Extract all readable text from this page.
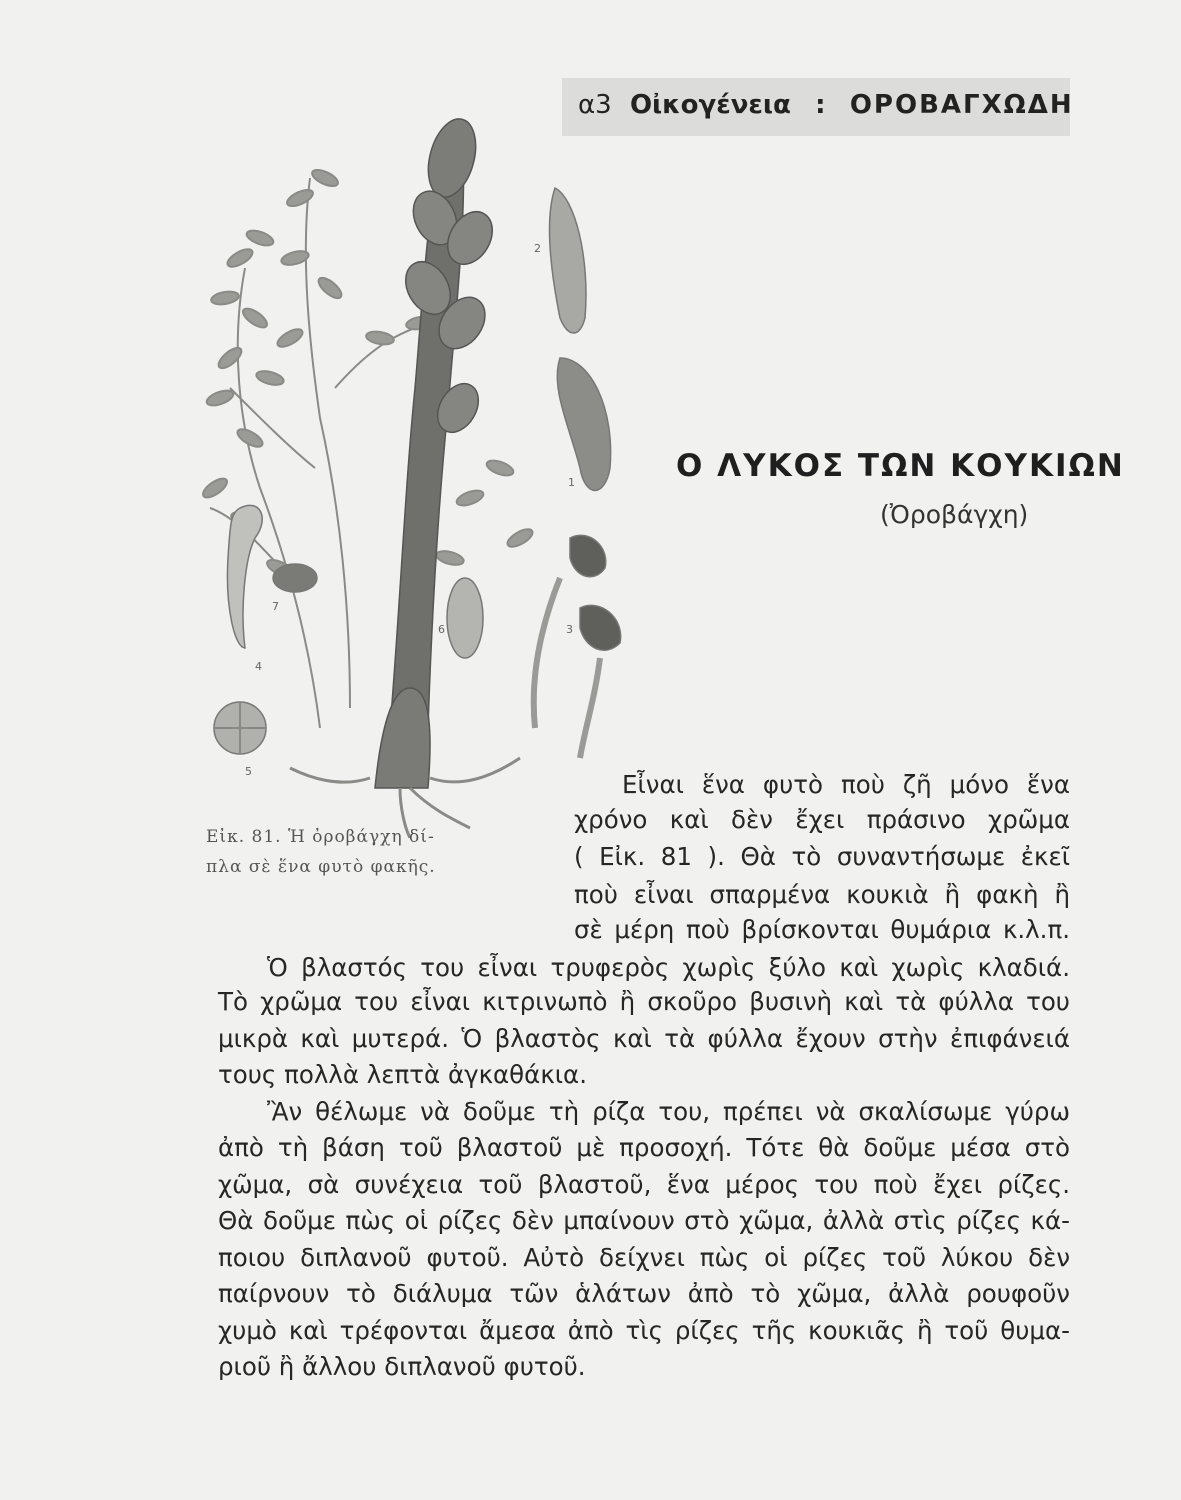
α3 Οἰκογένεια : ΟΡΟΒΑΓΧΩΔΗ
2
1
7
6
4
3
5
Ο ΛΥΚΟΣ ΤΩΝ ΚΟΥΚΙΩΝ
(Ὀροβάγχη)
Εἰκ. 81. Ἡ ὀροβάγχη δί-
πλα σὲ ἕνα φυτὸ φακῆς.
Εἶναι ἕνα φυτὸ ποὺ ζῆ μόνο ἕνα
χρόνο καὶ δὲν ἔχει πράσινο χρῶμα
( Εἰκ. 81 ). Θὰ τὸ συναντήσωμε ἐκεῖ
ποὺ εἶναι σπαρμένα κουκιὰ ἢ φακὴ ἢ
σὲ μέρη ποὺ βρίσκονται θυμάρια κ.λ.π.
Ὁ βλαστός του εἶναι τρυφερὸς χωρὶς ξύλο καὶ χωρὶς κλαδιά.
Τὸ χρῶμα του εἶναι κιτρινωπὸ ἢ σκοῦρο βυσινὴ καὶ τὰ φύλλα του
μικρὰ καὶ μυτερά. Ὁ βλαστὸς καὶ τὰ φύλλα ἔχουν στὴν ἐπιφάνειά
τους πολλὰ λεπτὰ ἀγκαθάκια.
Ἂν θέλωμε νὰ δοῦμε τὴ ρίζα του, πρέπει νὰ σκαλίσωμε γύρω
ἀπὸ τὴ βάση τοῦ βλαστοῦ μὲ προσοχή. Τότε θὰ δοῦμε μέσα στὸ
χῶμα, σὰ συνέχεια τοῦ βλαστοῦ, ἕνα μέρος του ποὺ ἔχει ρίζες.
Θὰ δοῦμε πὼς οἱ ρίζες δὲν μπαίνουν στὸ χῶμα, ἀλλὰ στὶς ρίζες κά-
ποιου διπλανοῦ φυτοῦ. Αὐτὸ δείχνει πὼς οἱ ρίζες τοῦ λύκου δὲν
παίρνουν τὸ διάλυμα τῶν ἁλάτων ἀπὸ τὸ χῶμα, ἀλλὰ ρουφοῦν
χυμὸ καὶ τρέφονται ἄμεσα ἀπὸ τὶς ρίζες τῆς κουκιᾶς ἢ τοῦ θυμα-
ριοῦ ἢ ἄλλου διπλανοῦ φυτοῦ.
